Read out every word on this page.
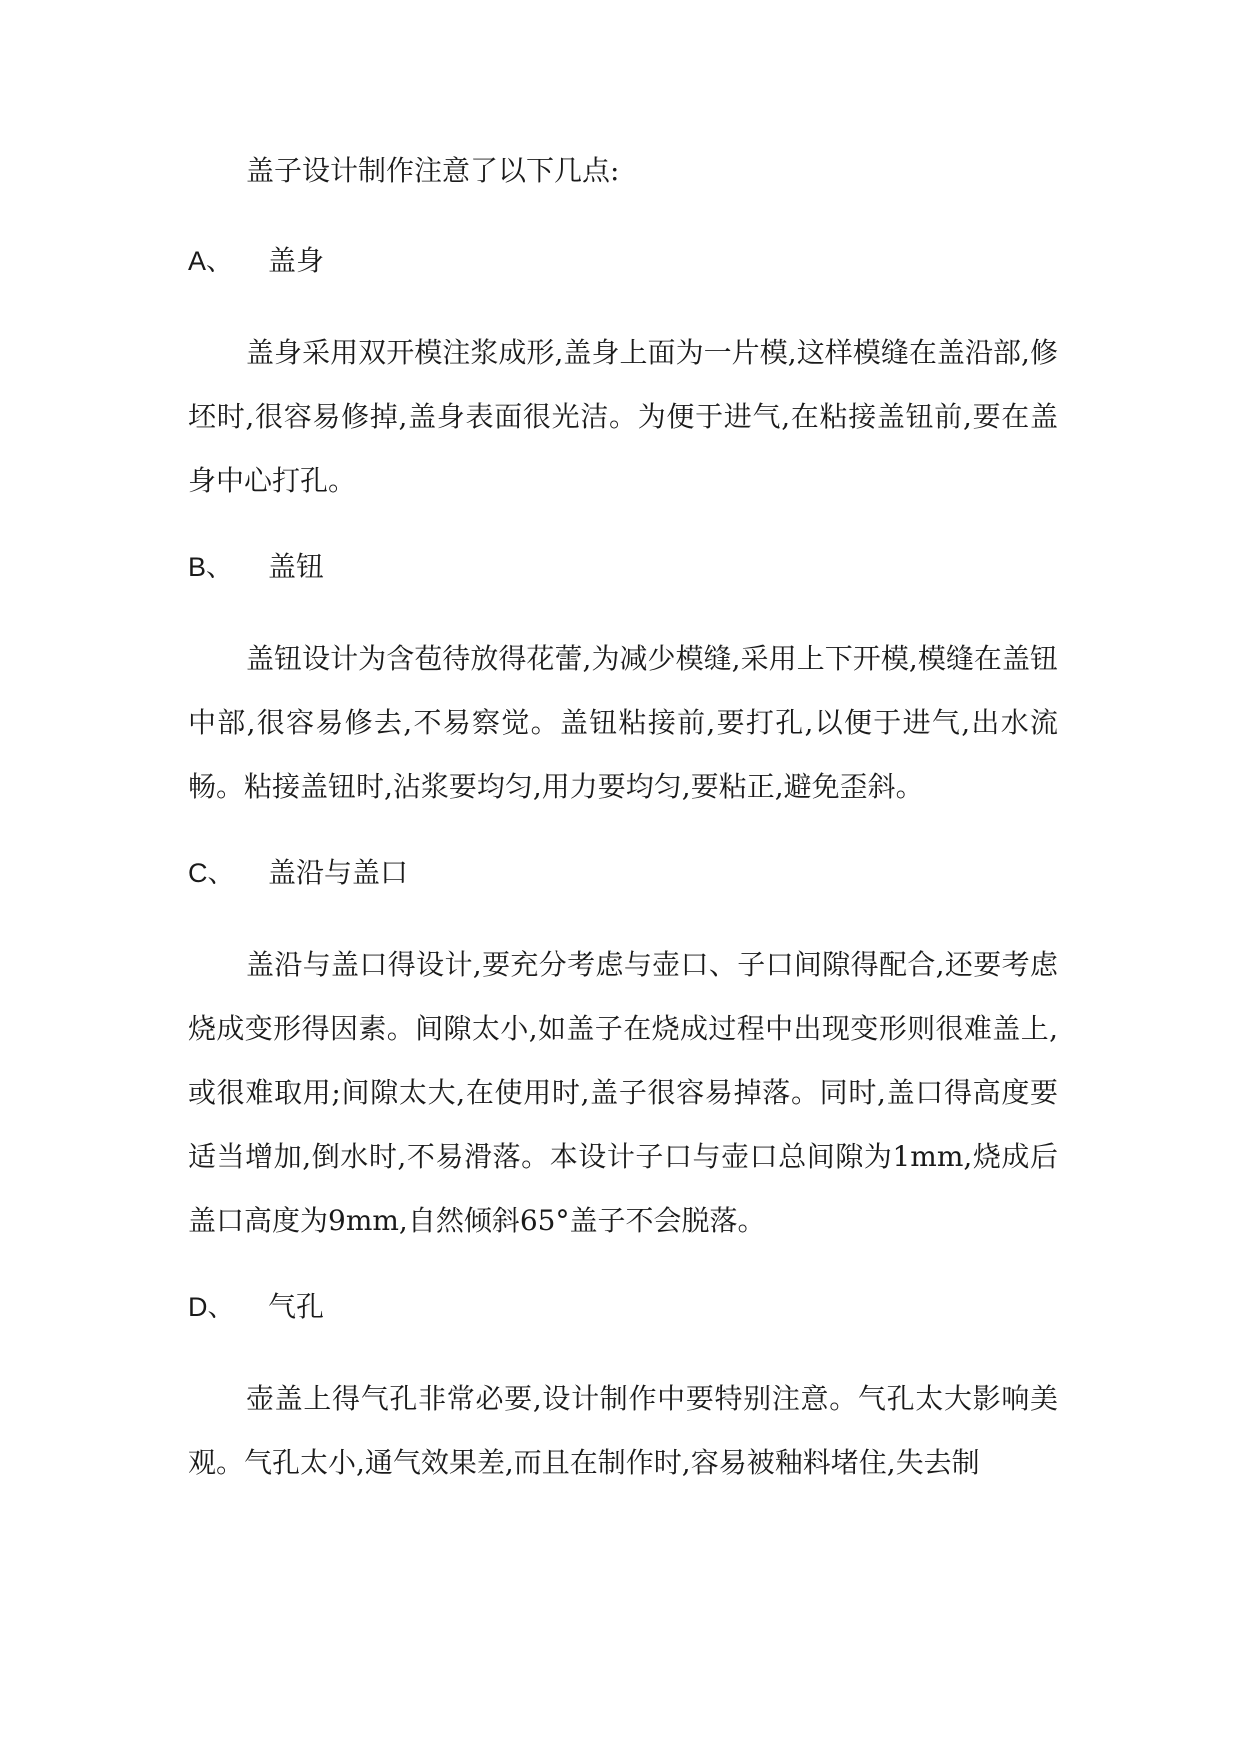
盖子设计制作注意了以下几点:

A、	盖身

盖身采用双开模注浆成形,盖身上面为一片模,这样模缝在盖沿部,修坯时,很容易修掉,盖身表面很光洁。为便于进气,在粘接盖钮前,要在盖身中心打孔。

B、	盖钮

盖钮设计为含苞待放得花蕾,为减少模缝,采用上下开模,模缝在盖钮中部,很容易修去,不易察觉。盖钮粘接前,要打孔,以便于进气,出水流畅。粘接盖钮时,沾浆要均匀,用力要均匀,要粘正,避免歪斜。

C、	盖沿与盖口

盖沿与盖口得设计,要充分考虑与壶口、子口间隙得配合,还要考虑烧成变形得因素。间隙太小,如盖子在烧成过程中出现变形则很难盖上,或很难取用;间隙太大,在使用时,盖子很容易掉落。同时,盖口得高度要适当增加,倒水时,不易滑落。本设计子口与壶口总间隙为1mm,烧成后盖口高度为9mm,自然倾斜65°盖子不会脱落。

D、	气孔

壶盖上得气孔非常必要,设计制作中要特别注意。气孔太大影响美观。气孔太小,通气效果差,而且在制作时,容易被釉料堵住,失去制
